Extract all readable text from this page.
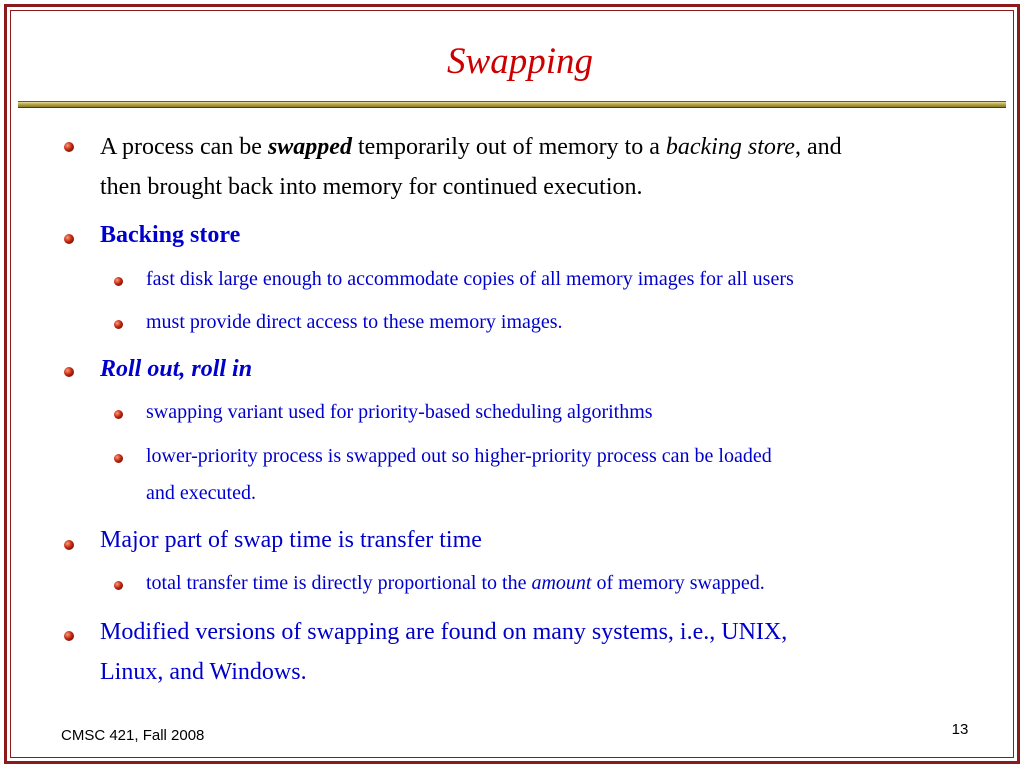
Swapping

A process can be swapped temporarily out of memory to a backing store, and

then brought back into memory for continued execution.

Backing store

fast disk large enough to accommodate copies of all memory images for all users

must provide direct access to these memory images.

Roll out, roll in

swapping variant used for priority-based scheduling algorithms

lower-priority process is swapped out so higher-priority process can be loaded

and executed.

Major part of swap time is transfer time

total transfer time is directly proportional to the amount of memory swapped.

Modified versions of swapping are found on many systems, i.e., UNIX,

Linux, and Windows.

CMSC 421, Fall 2008	13
